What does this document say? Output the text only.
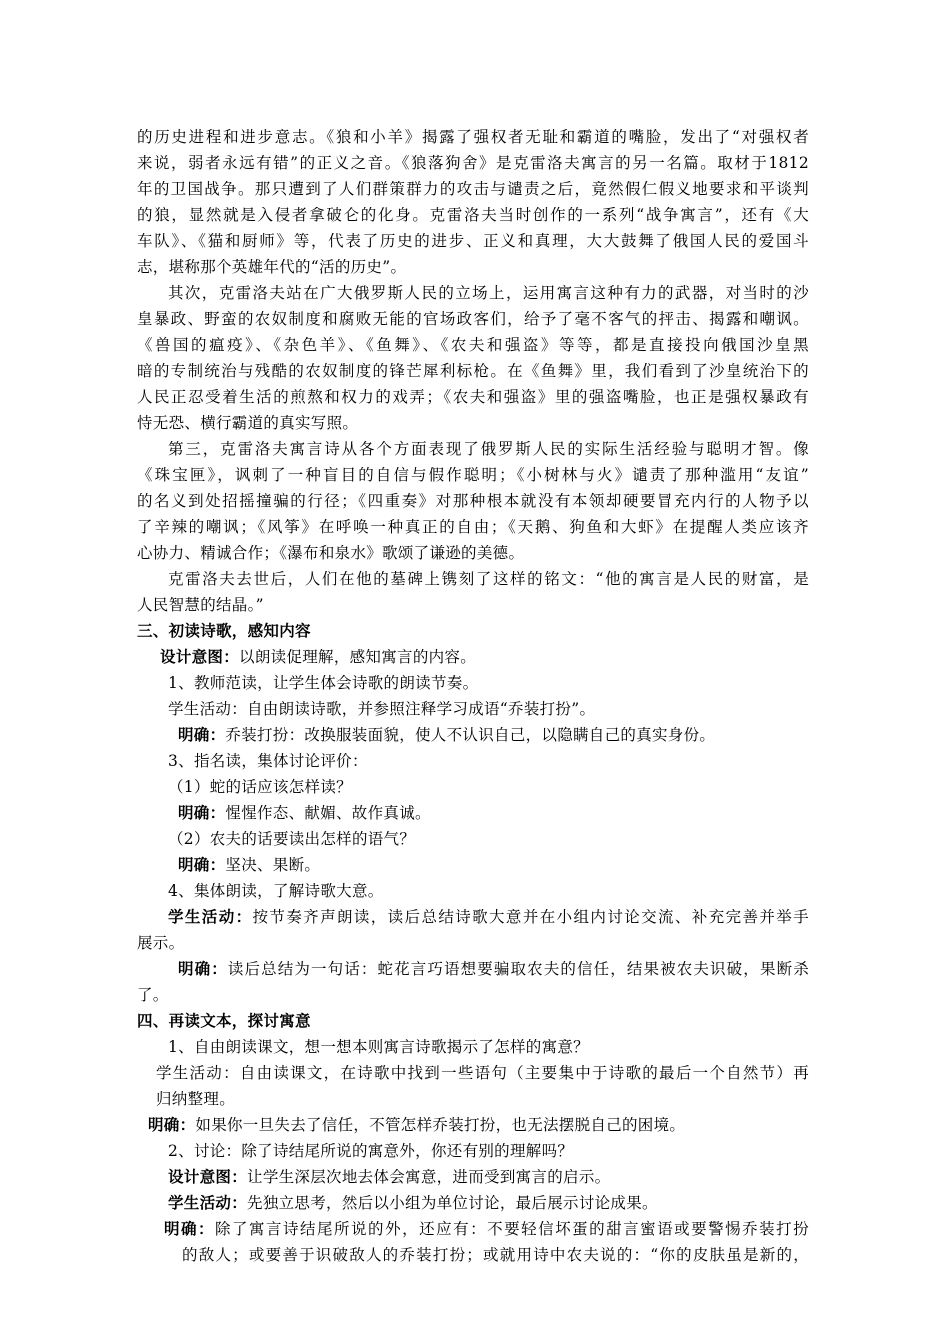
的历史进程和进步意志。《狼和小羊》揭露了强权者无耻和霸道的嘴脸，发出了“对强权者
来说，弱者永远有错”的正义之音。《狼落狗舍》是克雷洛夫寓言的另一名篇。取材于1812
年的卫国战争。那只遭到了人们群策群力的攻击与谴责之后，竟然假仁假义地要求和平谈判
的狼，显然就是入侵者拿破仑的化身。克雷洛夫当时创作的一系列“战争寓言”，还有《大
车队》、《猫和厨师》等，代表了历史的进步、正义和真理，大大鼓舞了俄国人民的爱国斗
志，堪称那个英雄年代的“活的历史”。
其次，克雷洛夫站在广大俄罗斯人民的立场上，运用寓言这种有力的武器，对当时的沙
皇暴政、野蛮的农奴制度和腐败无能的官场政客们，给予了毫不客气的抨击、揭露和嘲讽。
《兽国的瘟疫》、《杂色羊》、《鱼舞》、《农夫和强盗》等等，都是直接投向俄国沙皇黑
暗的专制统治与残酷的农奴制度的锋芒犀利标枪。在《鱼舞》里，我们看到了沙皇统治下的
人民正忍受着生活的煎熬和权力的戏弄；《农夫和强盗》里的强盗嘴脸，也正是强权暴政有
恃无恐、横行霸道的真实写照。
第三，克雷洛夫寓言诗从各个方面表现了俄罗斯人民的实际生活经验与聪明才智。像
《珠宝匣》，讽刺了一种盲目的自信与假作聪明；《小树林与火》谴责了那种滥用“友谊”
的名义到处招摇撞骗的行径；《四重奏》对那种根本就没有本领却硬要冒充内行的人物予以
了辛辣的嘲讽；《风筝》在呼唤一种真正的自由；《天鹅、狗鱼和大虾》在提醒人类应该齐
心协力、精诚合作；《瀑布和泉水》歌颂了谦逊的美德。
克雷洛夫去世后，人们在他的墓碑上镌刻了这样的铭文：“他的寓言是人民的财富，是
人民智慧的结晶。”
三、初读诗歌，感知内容
设计意图：以朗读促理解，感知寓言的内容。
1、教师范读，让学生体会诗歌的朗读节奏。
学生活动：自由朗读诗歌，并参照注释学习成语“乔装打扮”。
明确：乔装打扮：改换服装面貌，使人不认识自己，以隐瞒自己的真实身份。
3、指名读，集体讨论评价：
（1）蛇的话应该怎样读？
明确：惺惺作态、献媚、故作真诚。
（2）农夫的话要读出怎样的语气？
明确：坚决、果断。
4、集体朗读，了解诗歌大意。
学生活动：按节奏齐声朗读，读后总结诗歌大意并在小组内讨论交流、补充完善并举手
展示。
明确：读后总结为一句话：蛇花言巧语想要骗取农夫的信任，结果被农夫识破，果断杀
了。
四、再读文本，探讨寓意
1、自由朗读课文，想一想本则寓言诗歌揭示了怎样的寓意？
学生活动：自由读课文，在诗歌中找到一些语句（主要集中于诗歌的最后一个自然节）再
归纳整理。
明确：如果你一旦失去了信任，不管怎样乔装打扮，也无法摆脱自己的困境。
2、讨论：除了诗结尾所说的寓意外，你还有别的理解吗？
设计意图：让学生深层次地去体会寓意，进而受到寓言的启示。
学生活动：先独立思考，然后以小组为单位讨论，最后展示讨论成果。
明确：除了寓言诗结尾所说的外，还应有：不要轻信坏蛋的甜言蜜语或要警惕乔装打扮
的敌人；或要善于识破敌人的乔装打扮；或就用诗中农夫说的：“你的皮肤虽是新的，
